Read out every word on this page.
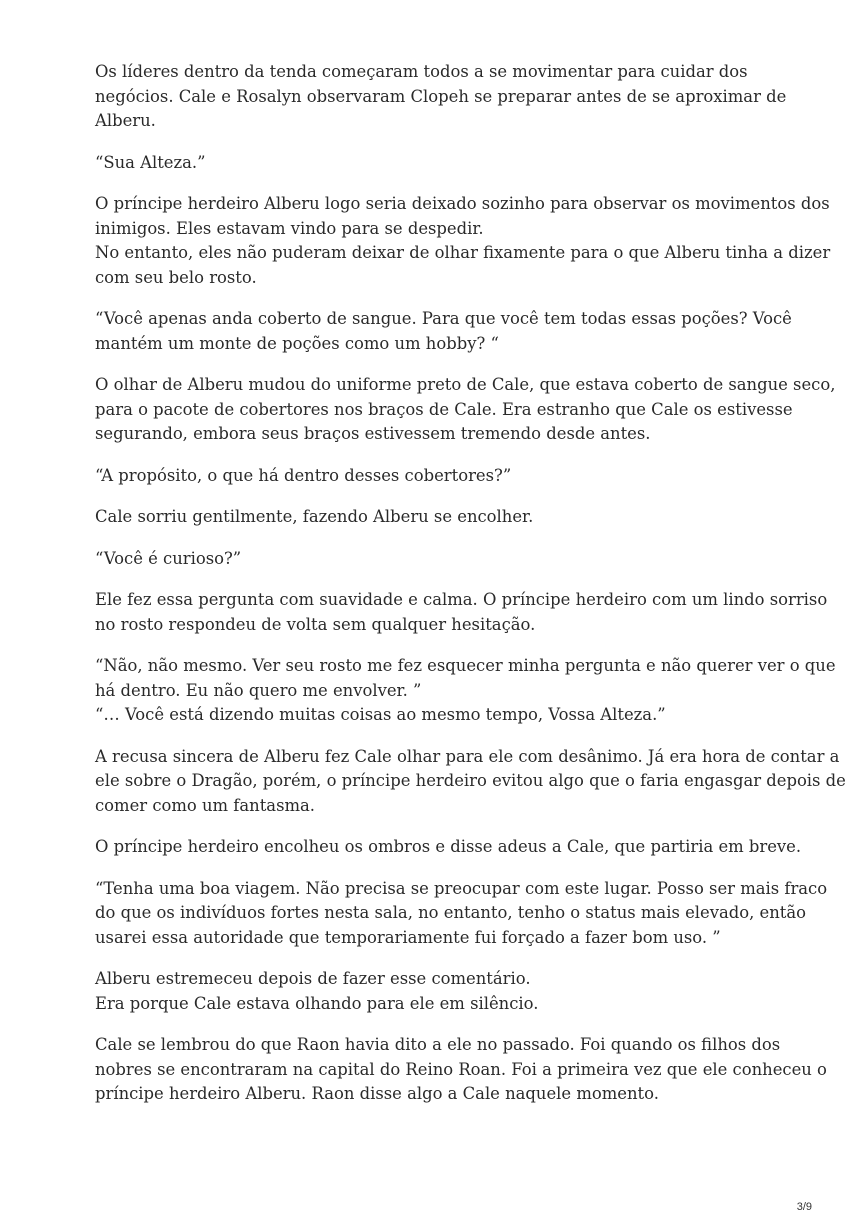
Os líderes dentro da tenda começaram todos a se movimentar para cuidar dos
negócios. Cale e Rosalyn observaram Clopeh se preparar antes de se aproximar de
Alberu.

“Sua Alteza.”

O príncipe herdeiro Alberu logo seria deixado sozinho para observar os movimentos dos
inimigos. Eles estavam vindo para se despedir.
No entanto, eles não puderam deixar de olhar fixamente para o que Alberu tinha a dizer
com seu belo rosto.

“Você apenas anda coberto de sangue. Para que você tem todas essas poções? Você
mantém um monte de poções como um hobby? “

O olhar de Alberu mudou do uniforme preto de Cale, que estava coberto de sangue seco,
para o pacote de cobertores nos braços de Cale. Era estranho que Cale os estivesse
segurando, embora seus braços estivessem tremendo desde antes.

“A propósito, o que há dentro desses cobertores?”

Cale sorriu gentilmente, fazendo Alberu se encolher.

“Você é curioso?”

Ele fez essa pergunta com suavidade e calma. O príncipe herdeiro com um lindo sorriso
no rosto respondeu de volta sem qualquer hesitação.

“Não, não mesmo. Ver seu rosto me fez esquecer minha pergunta e não querer ver o que
há dentro. Eu não quero me envolver. ”
“… Você está dizendo muitas coisas ao mesmo tempo, Vossa Alteza.”

A recusa sincera de Alberu fez Cale olhar para ele com desânimo. Já era hora de contar a
ele sobre o Dragão, porém, o príncipe herdeiro evitou algo que o faria engasgar depois de
comer como um fantasma.

O príncipe herdeiro encolheu os ombros e disse adeus a Cale, que partiria em breve.

“Tenha uma boa viagem. Não precisa se preocupar com este lugar. Posso ser mais fraco
do que os indivíduos fortes nesta sala, no entanto, tenho o status mais elevado, então
usarei essa autoridade que temporariamente fui forçado a fazer bom uso. ”

Alberu estremeceu depois de fazer esse comentário.
Era porque Cale estava olhando para ele em silêncio.

Cale se lembrou do que Raon havia dito a ele no passado. Foi quando os filhos dos
nobres se encontraram na capital do Reino Roan. Foi a primeira vez que ele conheceu o
príncipe herdeiro Alberu. Raon disse algo a Cale naquele momento.

3/9
